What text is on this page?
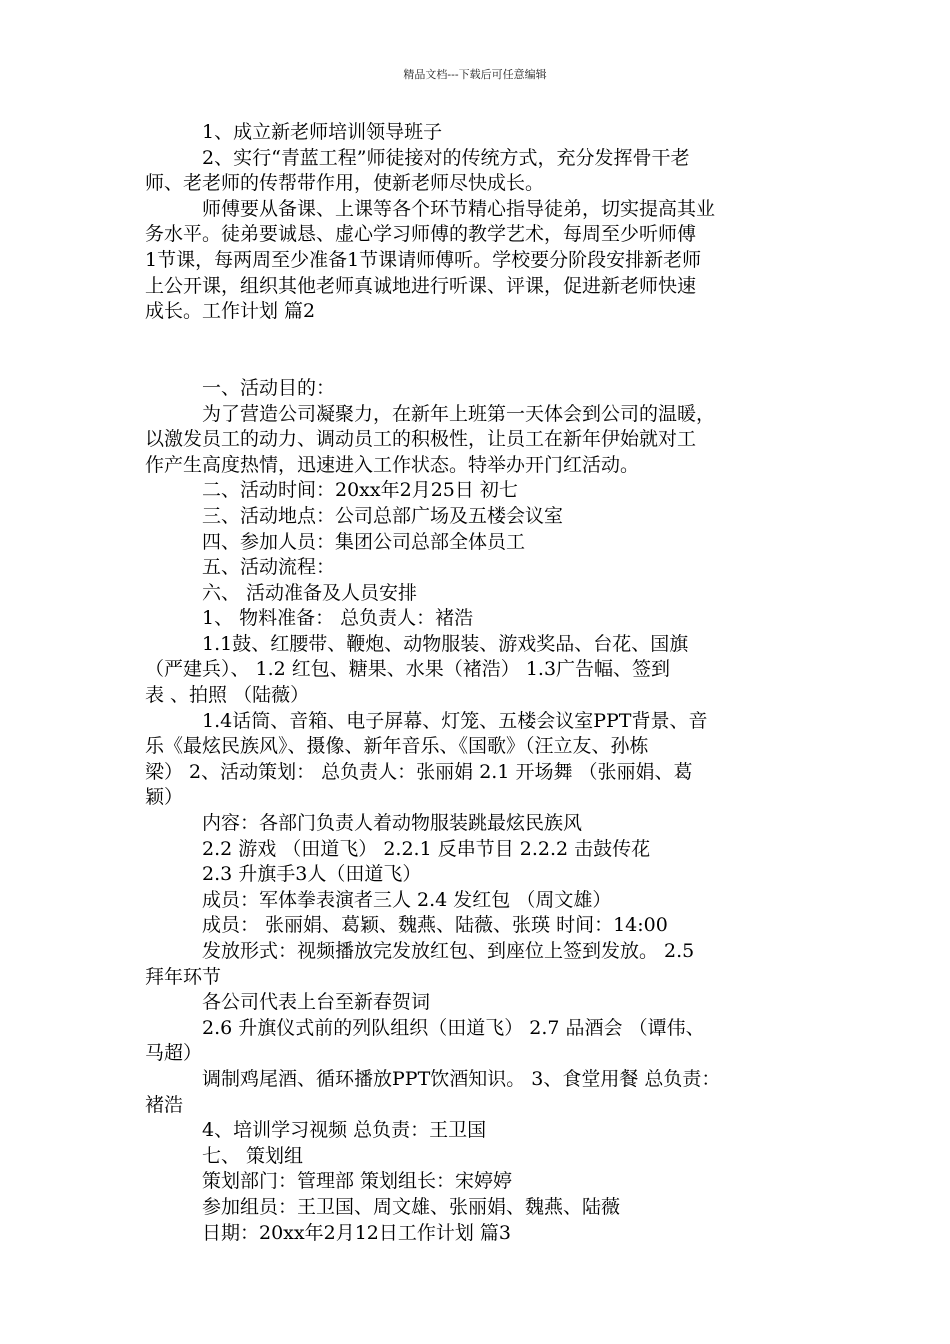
精品文档---下载后可任意编辑
1、成立新老师培训领导班子
2、实行“青蓝工程”师徒接对的传统方式，充分发挥骨干老
师、老老师的传帮带作用，使新老师尽快成长。
师傅要从备课、上课等各个环节精心指导徒弟，切实提高其业
务水平。徒弟要诚恳、虚心学习师傅的教学艺术，每周至少听师傅
1节课，每两周至少准备1节课请师傅听。学校要分阶段安排新老师
上公开课，组织其他老师真诚地进行听课、评课，促进新老师快速
成长。工作计划 篇2
一、活动目的：
为了营造公司凝聚力，在新年上班第一天体会到公司的温暖，
以激发员工的动力、调动员工的积极性，让员工在新年伊始就对工
作产生高度热情，迅速进入工作状态。特举办开门红活动。
二、活动时间：20xx年2月25日 初七
三、活动地点：公司总部广场及五楼会议室
四、参加人员：集团公司总部全体员工
五、活动流程：
六、 活动准备及人员安排
1、 物料准备： 总负责人：褚浩
1.1鼓、红腰带、鞭炮、动物服装、游戏奖品、台花、国旗
（严建兵）、 1.2 红包、糖果、水果（褚浩） 1.3广告幅、签到
表 、拍照 （陆薇）
1.4话筒、音箱、电子屏幕、灯笼、五楼会议室PPT背景、音
乐《最炫民族风》、摄像、新年音乐、《国歌》（汪立友、孙栋
梁） 2、活动策划： 总负责人：张丽娟 2.1 开场舞 （张丽娟、葛
颖）
内容：各部门负责人着动物服装跳最炫民族风
2.2 游戏 （田道飞） 2.2.1 反串节目 2.2.2 击鼓传花
2.3 升旗手3人（田道飞）
成员：军体拳表演者三人 2.4 发红包 （周文雄）
成员： 张丽娟、葛颖、魏燕、陆薇、张瑛 时间：14:00
发放形式：视频播放完发放红包、到座位上签到发放。 2.5
拜年环节
各公司代表上台至新春贺词
2.6 升旗仪式前的列队组织（田道飞） 2.7 品酒会 （谭伟、
马超）
调制鸡尾酒、循环播放PPT饮酒知识。 3、食堂用餐 总负责：
褚浩
4、培训学习视频 总负责：王卫国
七、 策划组
策划部门：管理部 策划组长：宋婷婷
参加组员：王卫国、周文雄、张丽娟、魏燕、陆薇
日期：20xx年2月12日工作计划 篇3
